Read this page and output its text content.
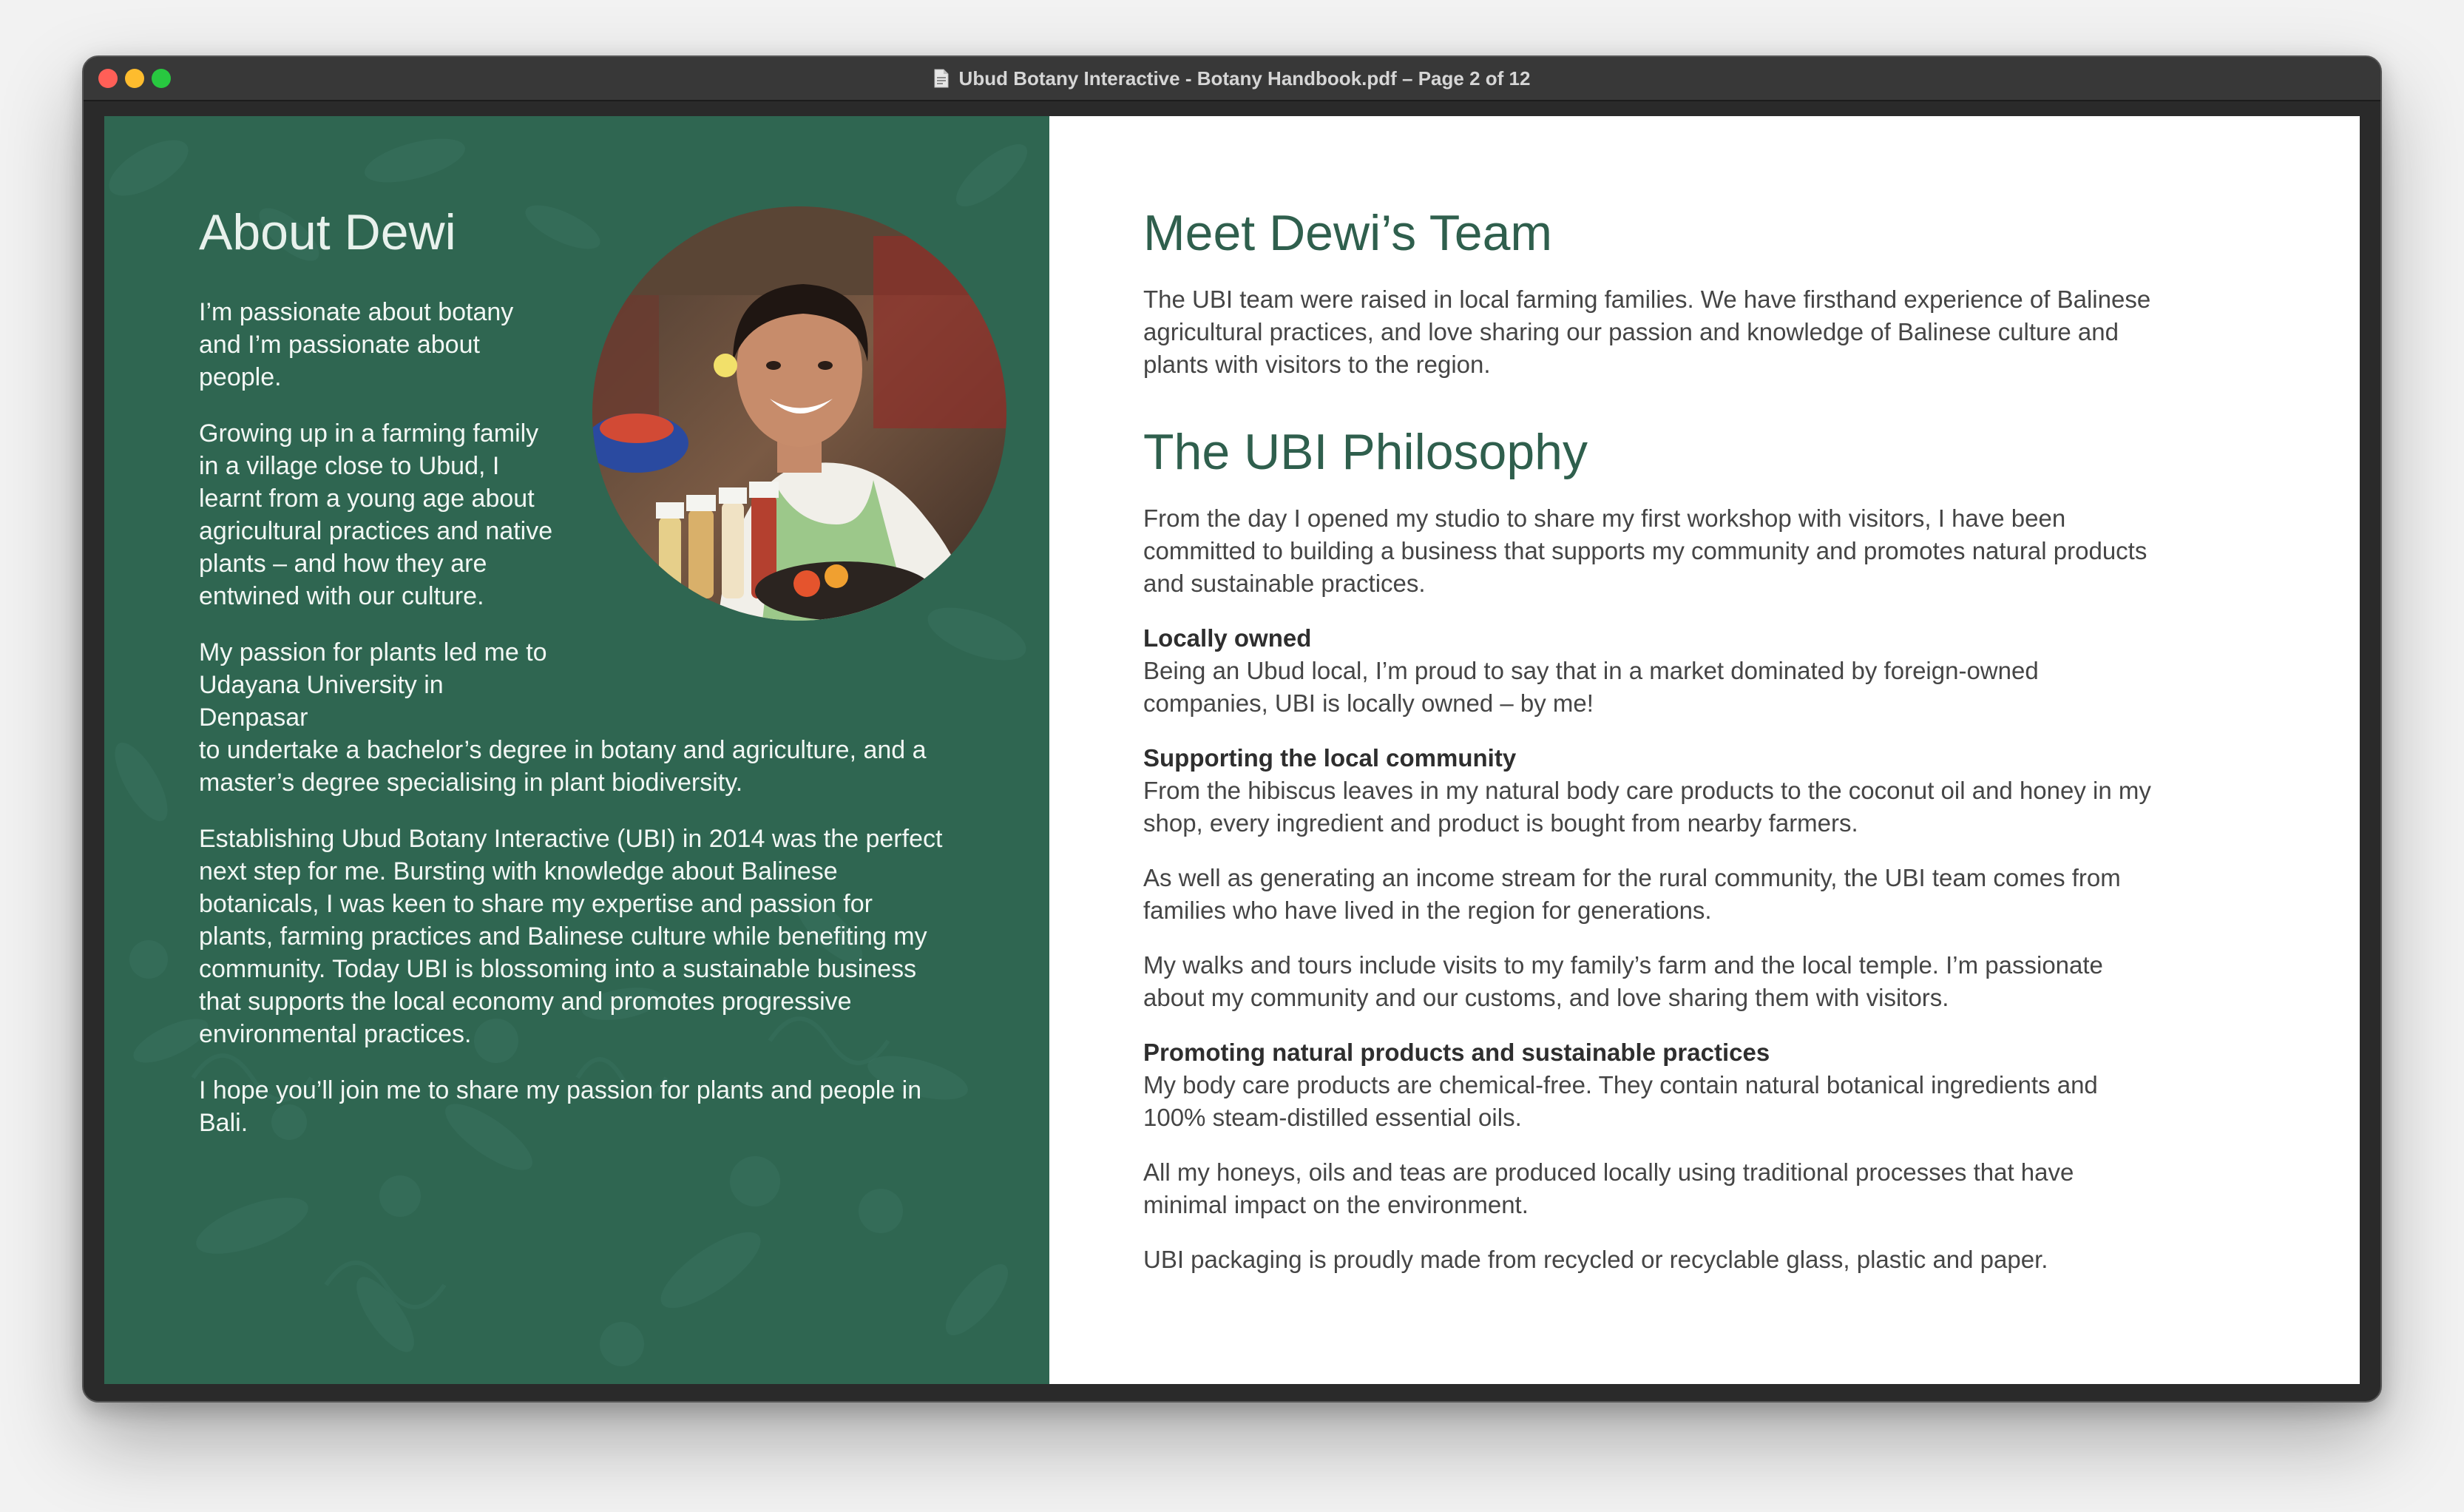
Ubud Botany Interactive - Botany Handbook.pdf – Page 2 of 12
About Dewi

I’m passionate about botany and I’m passionate about people.

Growing up in a farming family in a village close to Ubud, I learnt from a young age about agricultural practices and native plants – and how they are entwined with our culture.

My passion for plants led me to Udayana University in Denpasar

to undertake a bachelor’s degree in botany and agriculture, and a master’s degree specialising in plant biodiversity.

Establishing Ubud Botany Interactive (UBI) in 2014 was the perfect next step for me. Bursting with knowledge about Balinese botanicals, I was keen to share my expertise and passion for plants, farming practices and Balinese culture while benefiting my community. Today UBI is blossoming into a sustainable business that supports the local economy and promotes progressive environmental practices.

I hope you’ll join me to share my passion for plants and people in Bali.

Meet Dewi’s Team

The UBI team were raised in local farming families. We have firsthand experience of Balinese agricultural practices, and love sharing our passion and knowledge of Balinese culture and plants with visitors to the region.

The UBI Philosophy

From the day I opened my studio to share my first workshop with visitors, I have been committed to building a business that supports my community and promotes natural products and sustainable practices.

Locally owned
Being an Ubud local, I’m proud to say that in a market dominated by foreign-owned companies, UBI is locally owned – by me!

Supporting the local community
From the hibiscus leaves in my natural body care products to the coconut oil and honey in my shop, every ingredient and product is bought from nearby farmers.

As well as generating an income stream for the rural community, the UBI team comes from families who have lived in the region for generations.

My walks and tours include visits to my family’s farm and the local temple. I’m passionate about my community and our customs, and love sharing them with visitors.

Promoting natural products and sustainable practices
My body care products are chemical-free. They contain natural botanical ingredients and 100% steam-distilled essential oils.

All my honeys, oils and teas are produced locally using traditional processes that have minimal impact on the environment.

UBI packaging is proudly made from recycled or recyclable glass, plastic and paper.
